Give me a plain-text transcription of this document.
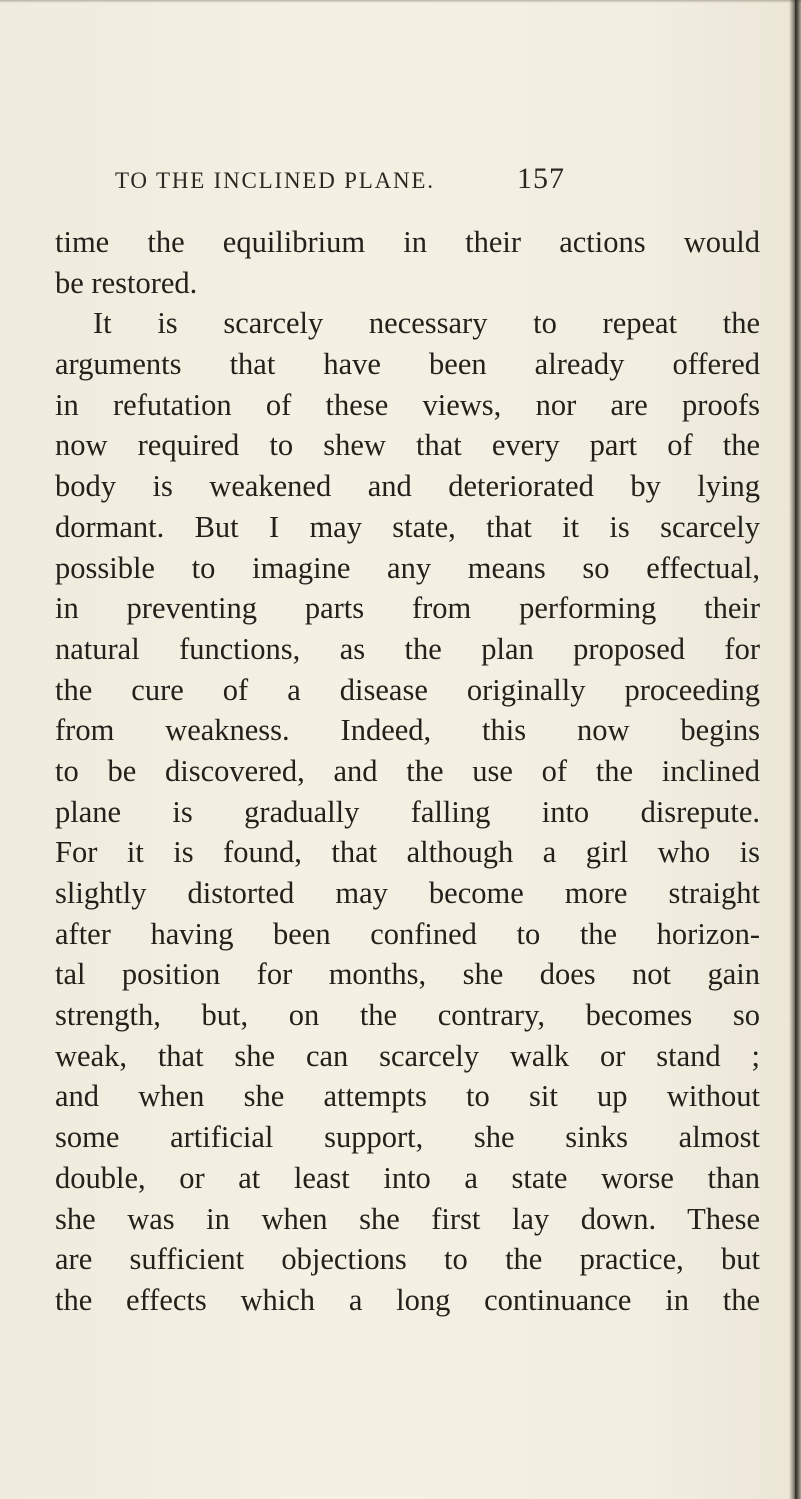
TO THE INCLINED PLANE.	157
time the equilibrium in their actions would
be restored.
It is scarcely necessary to repeat the
arguments that have been already offered
in refutation of these views, nor are proofs
now required to shew that every part of the
body is weakened and deteriorated by lying
dormant. But I may state, that it is scarcely
possible to imagine any means so effectual,
in preventing parts from performing their
natural functions, as the plan proposed for
the cure of a disease originally proceeding
from weakness. Indeed, this now begins
to be discovered, and the use of the inclined
plane is gradually falling into disrepute.
For it is found, that although a girl who is
slightly distorted may become more straight
after having been confined to the horizon-
tal position for months, she does not gain
strength, but, on the contrary, becomes so
weak, that she can scarcely walk or stand ;
and when she attempts to sit up without
some artificial support, she sinks almost
double, or at least into a state worse than
she was in when she first lay down. These
are sufficient objections to the practice, but
the effects which a long continuance in the
